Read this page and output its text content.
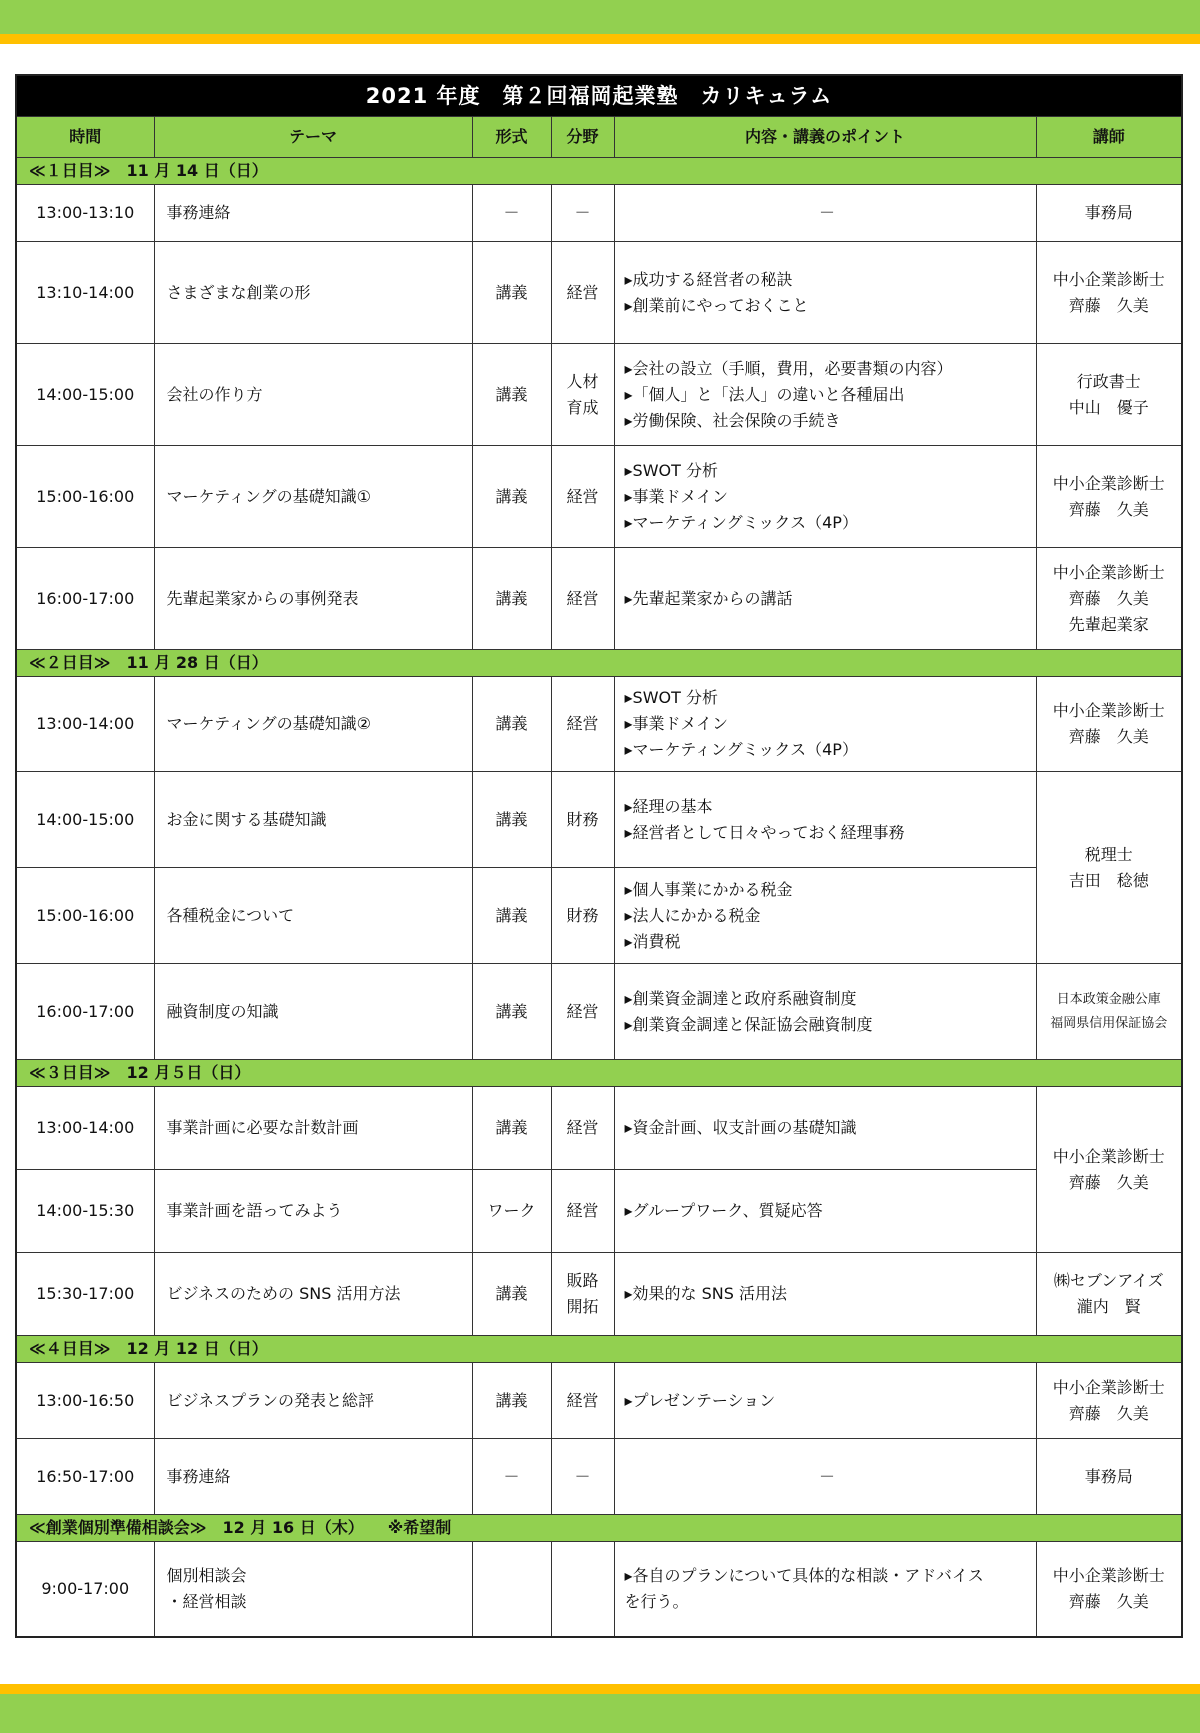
2021 年度　第２回福岡起業塾　カリキュラム					
時間	テーマ	形式	分野	内容・講義のポイント	講師
≪１日目≫　11 月 14 日（日）					
13:00-13:10	事務連絡	－	－	－	事務局

13:10-14:00	さまざまな創業の形	講義	経営	▸成功する経営者の秘訣
▸創業前にやっておくこと	中小企業診断士
齊藤　久美

14:00-15:00	会社の作り方	講義	人材
育成	▸会社の設立（手順，費用，必要書類の内容）
▸「個人」と「法人」の違いと各種届出
▸労働保険、社会保険の手続き	行政書士
中山　優子

15:00-16:00	マーケティングの基礎知識①	講義	経営	▸SWOT 分析
▸事業ドメイン
▸マーケティングミックス（4P）	中小企業診断士
齊藤　久美

16:00-17:00	先輩起業家からの事例発表	講義	経営	▸先輩起業家からの講話	中小企業診断士
齊藤　久美
先輩起業家

≪２日目≫　11 月 28 日（日）					
13:00-14:00	マーケティングの基礎知識②	講義	経営	▸SWOT 分析
▸事業ドメイン
▸マーケティングミックス（4P）	中小企業診断士
齊藤　久美

14:00-15:00	お金に関する基礎知識	講義	財務	▸経理の基本
▸経営者として日々やっておく経理事務	税理士
吉田　稔徳

15:00-16:00	各種税金について	講義	財務	▸個人事業にかかる税金
▸法人にかかる税金
▸消費税	

16:00-17:00	融資制度の知識	講義	経営	▸創業資金調達と政府系融資制度
▸創業資金調達と保証協会融資制度	日本政策金融公庫
福岡県信用保証協会

≪３日目≫　12 月５日（日）					
13:00-14:00	事業計画に必要な計数計画	講義	経営	▸資金計画、収支計画の基礎知識	中小企業診断士
齊藤　久美

14:00-15:30	事業計画を語ってみよう	ワーク	経営	▸グループワーク、質疑応答	

15:30-17:00	ビジネスのための SNS 活用方法	講義	販路
開拓	▸効果的な SNS 活用法	㈱セブンアイズ
瀧内　賢

≪４日目≫　12 月 12 日（日）					
13:00-16:50	ビジネスプランの発表と総評	講義	経営	▸プレゼンテーション	中小企業診断士
齊藤　久美

16:50-17:00	事務連絡	－	－	－	事務局

≪創業個別準備相談会≫　12 月 16 日（木）　　※希望制					
9:00-17:00	個別相談会
・経営相談			▸各自のプランについて具体的な相談・アドバイス
を行う。	中小企業診断士
齊藤　久美
